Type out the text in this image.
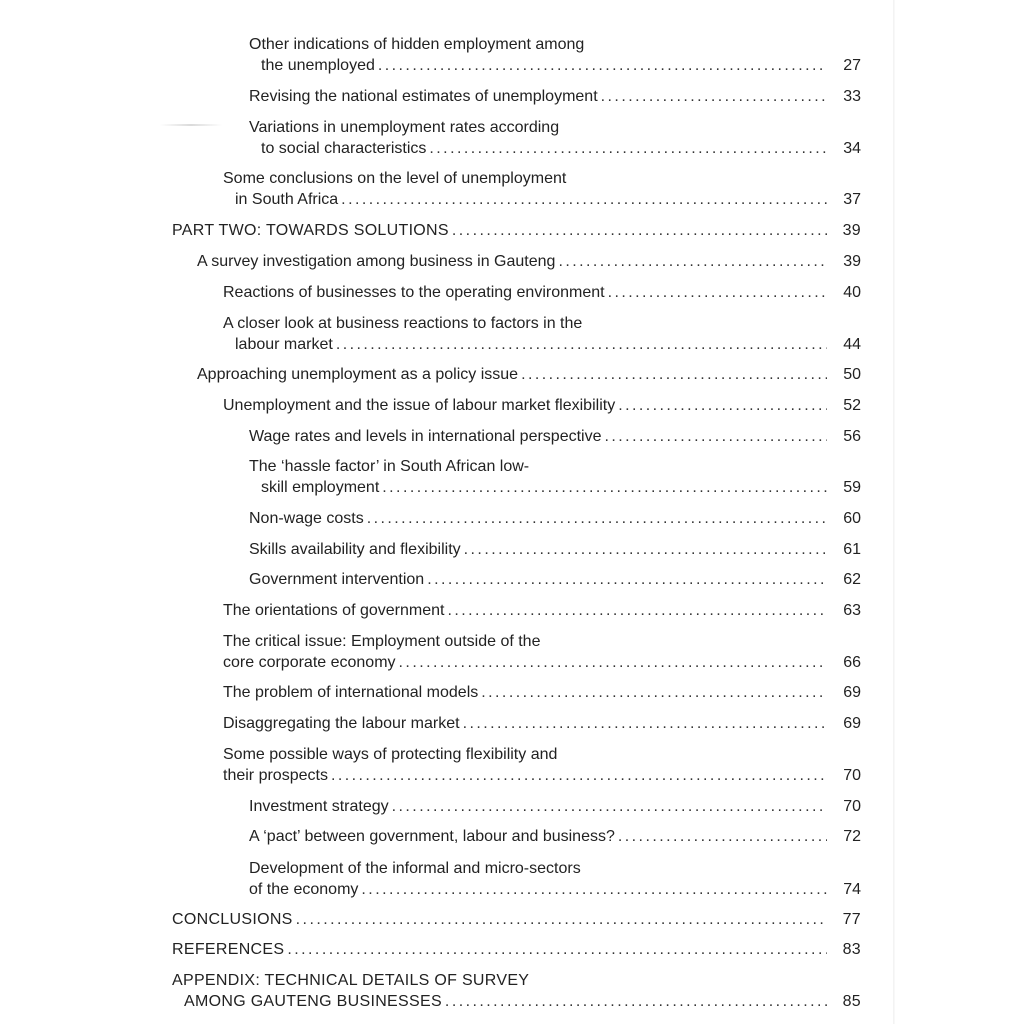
Other indications of hidden employment among
the unemployed . . .	27
Revising the national estimates of unemployment . . .	33
Variations in unemployment rates according
to social characteristics . . .	34
Some conclusions on the level of unemployment
in South Africa . . .	37
PART TWO: TOWARDS SOLUTIONS . . .	39
A survey investigation among business in Gauteng . . .	39
Reactions of businesses to the operating environment . . .	40
A closer look at business reactions to factors in the
labour market . . .	44
Approaching unemployment as a policy issue . . .	50
Unemployment and the issue of labour market flexibility . . .	52
Wage rates and levels in international perspective . . .	56
The ‘hassle factor’ in South African low-
skill employment . . .	59
Non-wage costs . . .	60
Skills availability and flexibility . . .	61
Government intervention . . .	62
The orientations of government . . .	63
The critical issue: Employment outside of the
core corporate economy . . .	66
The problem of international models . . .	69
Disaggregating the labour market . . .	69
Some possible ways of protecting flexibility and
their prospects . . .	70
Investment strategy . . .	70
A ‘pact’ between government, labour and business? . . .	72
Development of the informal and micro-sectors
of the economy . . .	74
CONCLUSIONS . . .	77
REFERENCES . . .	83
APPENDIX: TECHNICAL DETAILS OF SURVEY
AMONG GAUTENG BUSINESSES . . .	85
